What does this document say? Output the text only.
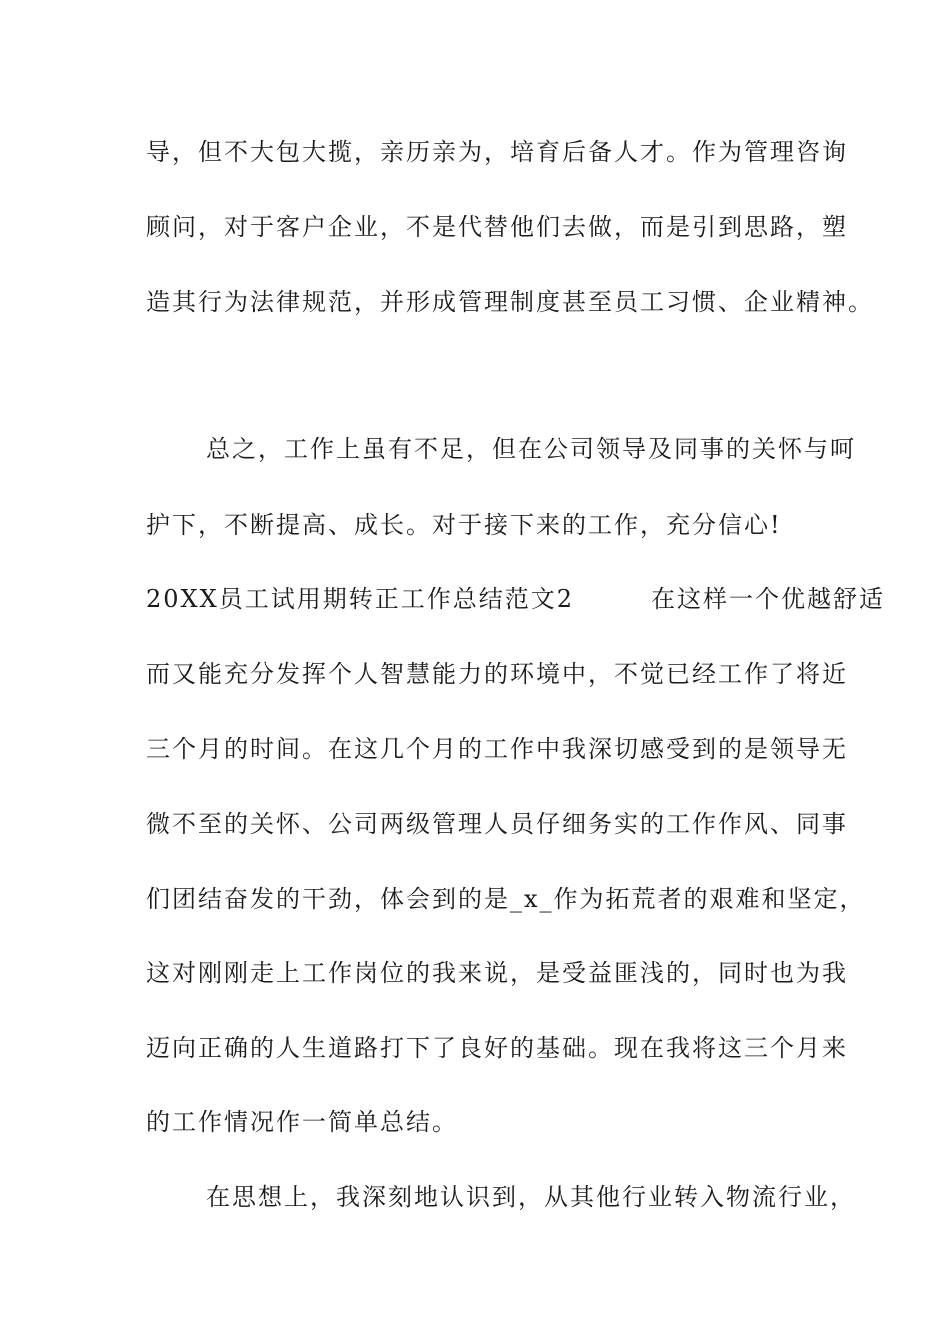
导，但不大包大揽，亲历亲为，培育后备人才。作为管理咨询
顾问，对于客户企业，不是代替他们去做，而是引到思路，塑
造其行为法律规范，并形成管理制度甚至员工习惯、企业精神。
总之，工作上虽有不足，但在公司领导及同事的关怀与呵
护下，不断提高、成长。对于接下来的工作，充分信心!
20XX员工试用期转正工作总结范文2        在这样一个优越舒适
而又能充分发挥个人智慧能力的环境中，不觉已经工作了将近
三个月的时间。在这几个月的工作中我深切感受到的是领导无
微不至的关怀、公司两级管理人员仔细务实的工作作风、同事
们团结奋发的干劲，体会到的是_x_作为拓荒者的艰难和坚定，
这对刚刚走上工作岗位的我来说，是受益匪浅的，同时也为我
迈向正确的人生道路打下了良好的基础。现在我将这三个月来
的工作情况作一简单总结。
在思想上，我深刻地认识到，从其他行业转入物流行业，
